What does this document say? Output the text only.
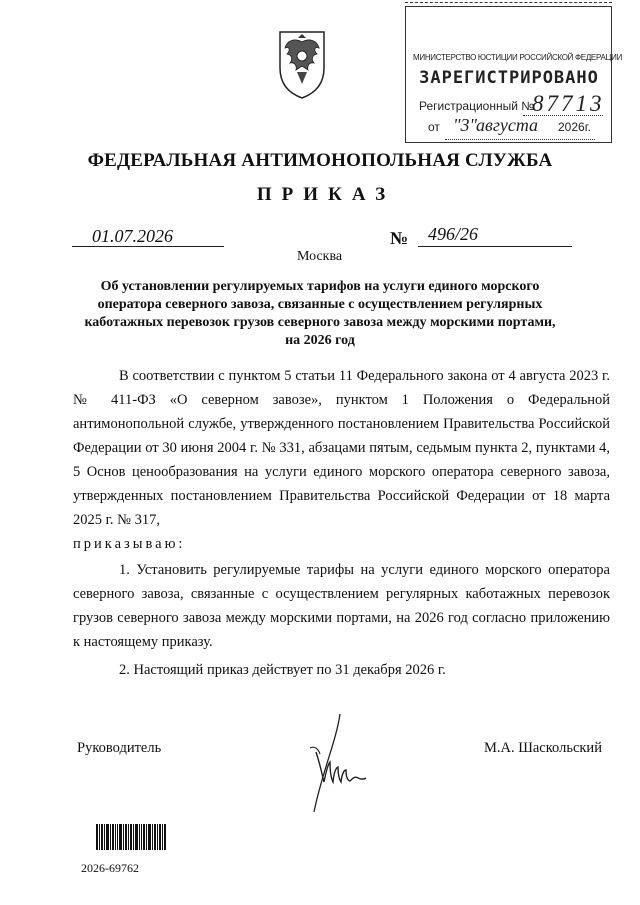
МИНИСТЕРСТВО ЮСТИЦИИ РОССИЙСКОЙ ФЕДЕРАЦИИ
ЗАРЕГИСТРИРОВАНО
Регистрационный №
87713
от "3"
августа 2026г.
ФЕДЕРАЛЬНАЯ АНТИМОНОПОЛЬНАЯ СЛУЖБА
ПРИКАЗ
01.07.2026
Москва
№ 496/26
Об установлении регулируемых тарифов на услуги единого морского оператора северного завоза, связанные с осуществлением регулярных каботажных перевозок грузов северного завоза между морскими портами, на 2026 год

В соответствии с пунктом 5 статьи 11 Федерального закона от 4 августа 2023 г. № 411-ФЗ «О северном завозе», пунктом 1 Положения о Федеральной антимонопольной службе, утвержденного постановлением Правительства Российской Федерации от 30 июня 2004 г. № 331, абзацами пятым, седьмым пункта 2, пунктами 4, 5 Основ ценообразования на услуги единого морского оператора северного завоза, утвержденных постановлением Правительства Российской Федерации от 18 марта 2025 г. № 317,

приказываю:

1. Установить регулируемые тарифы на услуги единого морского оператора северного завоза, связанные с осуществлением регулярных каботажных перевозок грузов северного завоза между морскими портами, на 2026 год согласно приложению к настоящему приказу.

2. Настоящий приказ действует по 31 декабря 2026 г.

Руководитель	М.А. Шаскольский
2026-69762
